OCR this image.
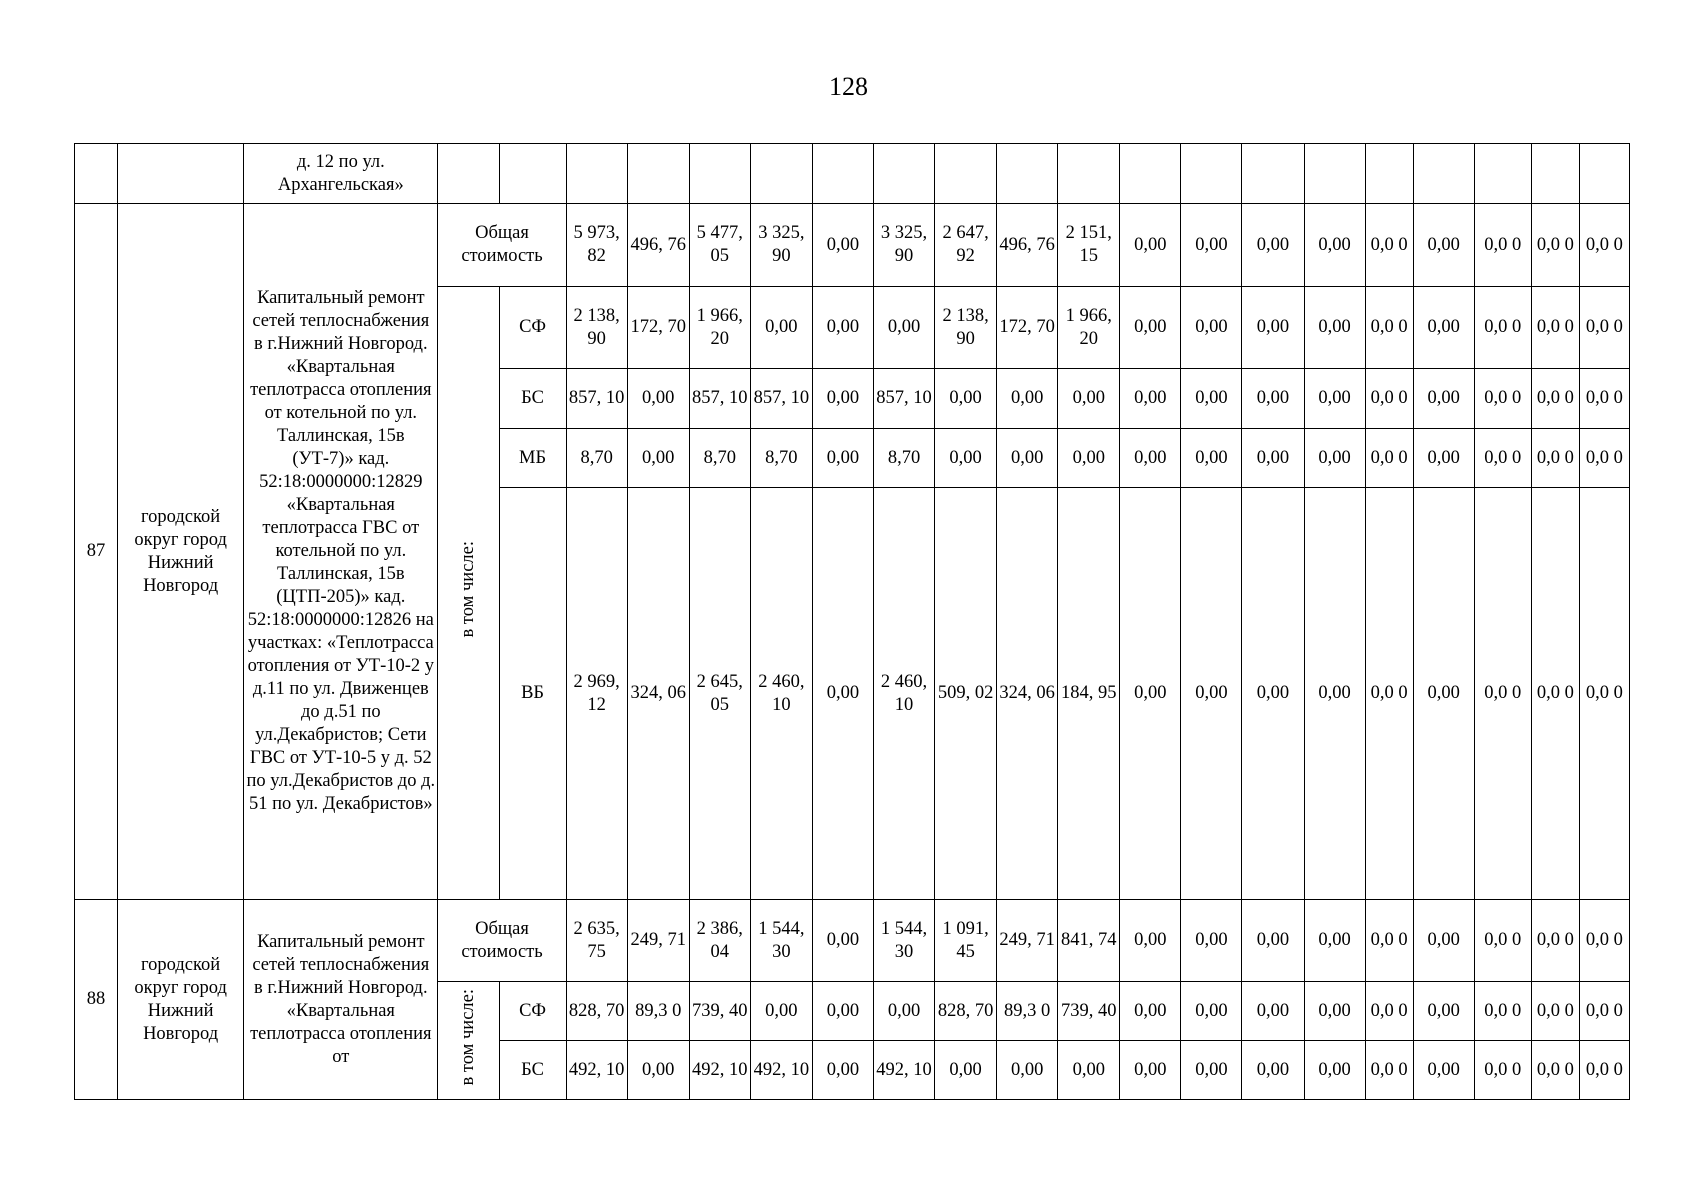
128
		д. 12 по ул. Архангельская»																				
87	городской округ город Нижний Новгород	Капитальный ремонт сетей теплоснабжения в г.Нижний Новгород. «Квартальная теплотрасса отопления от котельной по ул. Таллинская, 15в (УТ-7)» кад. 52:18:0000000:12829 «Квартальная теплотрасса ГВС от котельной по ул. Таллинская, 15в (ЦТП-205)» кад. 52:18:0000000:12826 на участках: «Теплотрасса отопления от УТ-10-2 у д.11 по ул. Движенцев до д.51 по ул.Декабристов; Сети ГВС от УТ-10-5 у д. 52 по ул.Декабристов до д. 51 по ул. Декабристов»	Общая стоимость		5 973, 82	496, 76	5 477, 05	3 325, 90	0,00	3 325, 90	2 647, 92	496, 76	2 151, 15	0,00	0,00	0,00	0,00	0,0 0	0,00	0,0 0	0,0 0	0,0 0
			в том числе:	СФ	2 138, 90	172, 70	1 966, 20	0,00	0,00	0,00	2 138, 90	172, 70	1 966, 20	0,00	0,00	0,00	0,00	0,0 0	0,00	0,0 0	0,0 0	0,0 0
				БС	857, 10	0,00	857, 10	857, 10	0,00	857, 10	0,00	0,00	0,00	0,00	0,00	0,00	0,00	0,0 0	0,00	0,0 0	0,0 0	0,0 0
				МБ	8,70	0,00	8,70	8,70	0,00	8,70	0,00	0,00	0,00	0,00	0,00	0,00	0,00	0,0 0	0,00	0,0 0	0,0 0	0,0 0
				ВБ	2 969, 12	324, 06	2 645, 05	2 460, 10	0,00	2 460, 10	509, 02	324, 06	184, 95	0,00	0,00	0,00	0,00	0,0 0	0,00	0,0 0	0,0 0	0,0 0
88	городской округ город Нижний Новгород	Капитальный ремонт сетей теплоснабжения в г.Нижний Новгород. «Квартальная теплотрасса отопления от	Общая стоимость		2 635, 75	249, 71	2 386, 04	1 544, 30	0,00	1 544, 30	1 091, 45	249, 71	841, 74	0,00	0,00	0,00	0,00	0,0 0	0,00	0,0 0	0,0 0	0,0 0
			в том числе:	СФ	828, 70	89,3 0	739, 40	0,00	0,00	0,00	828, 70	89,3 0	739, 40	0,00	0,00	0,00	0,00	0,0 0	0,00	0,0 0	0,0 0	0,0 0
				БС	492, 10	0,00	492, 10	492, 10	0,00	492, 10	0,00	0,00	0,00	0,00	0,00	0,00	0,00	0,0 0	0,00	0,0 0	0,0 0	0,0 0
